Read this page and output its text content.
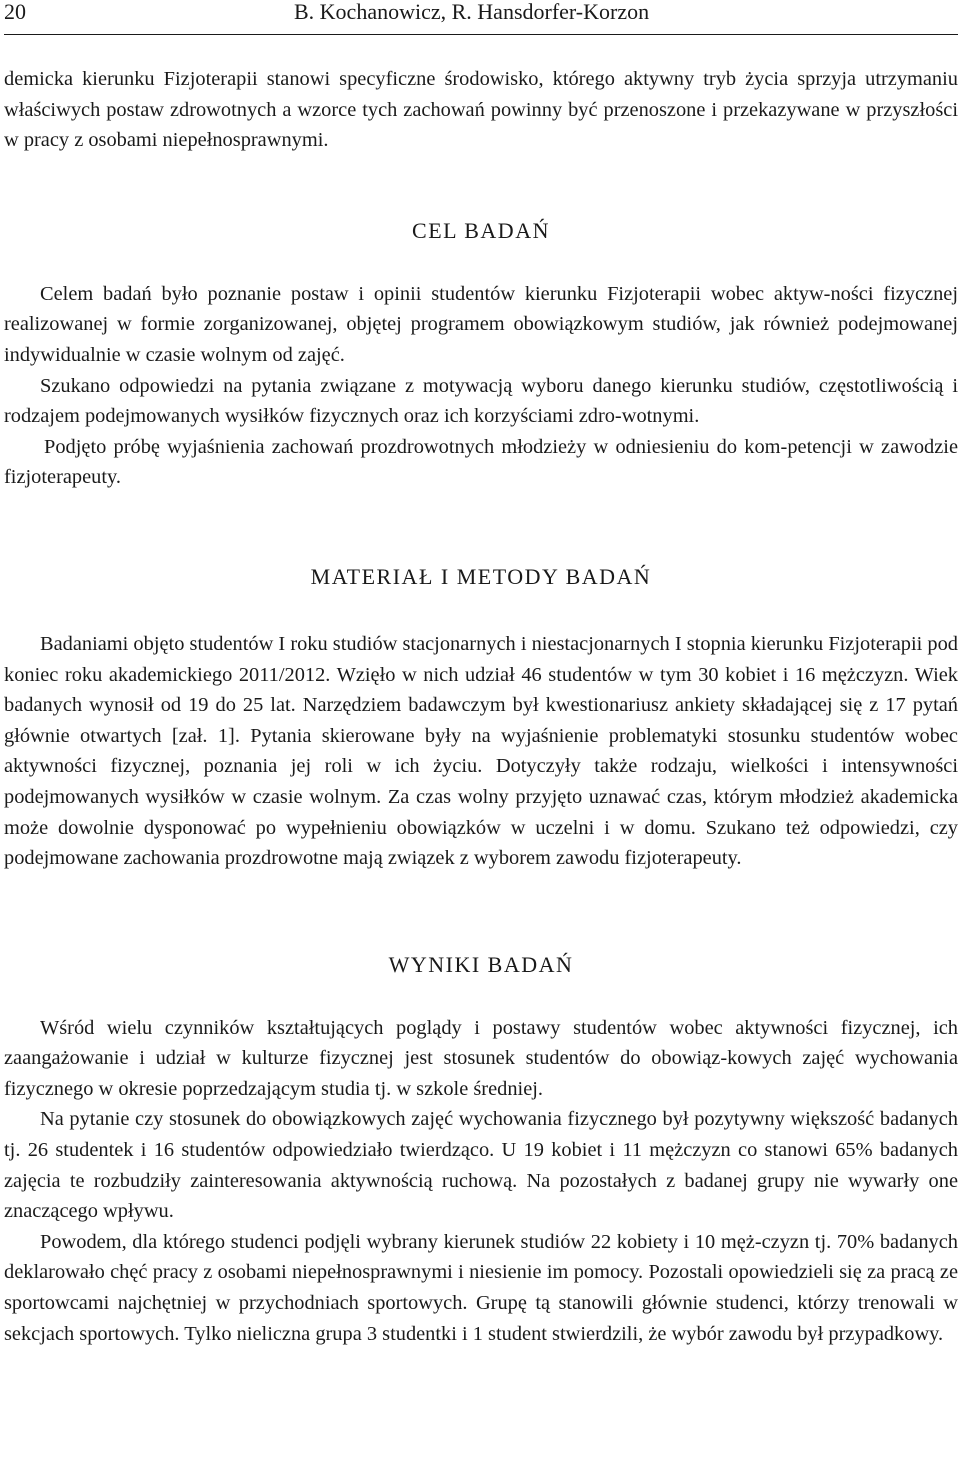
20	B. Kochanowicz, R. Hansdorfer-Korzon

demicka kierunku Fizjoterapii stanowi specyficzne środowisko, którego aktywny tryb życia sprzyja utrzymaniu właściwych postaw zdrowotnych a wzorce tych zachowań powinny być przenoszone i przekazywane w przyszłości w pracy z osobami niepełnosprawnymi.

CEL BADAŃ

Celem badań było poznanie postaw i opinii studentów kierunku Fizjoterapii wobec aktyw-ności fizycznej realizowanej w formie zorganizowanej, objętej programem obowiązkowym studiów, jak również podejmowanej indywidualnie w czasie wolnym od zajęć.

Szukano odpowiedzi na pytania związane z motywacją wyboru danego kierunku studiów, częstotliwością i rodzajem podejmowanych wysiłków fizycznych oraz ich korzyściami zdro-wotnymi.

Podjęto próbę wyjaśnienia zachowań prozdrowotnych młodzieży w odniesieniu do kom-petencji w zawodzie fizjoterapeuty.

MATERIAŁ I METODY BADAŃ

Badaniami objęto studentów I roku studiów stacjonarnych i niestacjonarnych I stopnia kierunku Fizjoterapii pod koniec roku akademickiego 2011/2012. Wzięło w nich udział 46 studentów w tym 30 kobiet i 16 mężczyzn. Wiek badanych wynosił od 19 do 25 lat. Narzędziem badawczym był kwestionariusz ankiety składającej się z 17 pytań głównie otwartych [zał. 1]. Pytania skierowane były na wyjaśnienie problematyki stosunku studentów wobec aktywności fizycznej, poznania jej roli w ich życiu. Dotyczyły także rodzaju, wielkości i intensywności podejmowanych wysiłków w czasie wolnym. Za czas wolny przyjęto uznawać czas, którym młodzież akademicka może dowolnie dysponować po wypełnieniu obowiązków w uczelni i w domu. Szukano też odpowiedzi, czy podejmowane zachowania prozdrowotne mają związek z wyborem zawodu fizjoterapeuty.

WYNIKI BADAŃ

Wśród wielu czynników kształtujących poglądy i postawy studentów wobec aktywności fizycznej, ich zaangażowanie i udział w kulturze fizycznej jest stosunek studentów do obowiąz-kowych zajęć wychowania fizycznego w okresie poprzedzającym studia tj. w szkole średniej.

Na pytanie czy stosunek do obowiązkowych zajęć wychowania fizycznego był pozytywny większość badanych tj. 26 studentek i 16 studentów odpowiedziało twierdząco. U 19 kobiet i 11 mężczyzn co stanowi 65% badanych zajęcia te rozbudziły zainteresowania aktywnością ruchową. Na pozostałych z badanej grupy nie wywarły one znaczącego wpływu.

Powodem, dla którego studenci podjęli wybrany kierunek studiów 22 kobiety i 10 męż-czyzn tj. 70% badanych deklarowało chęć pracy z osobami niepełnosprawnymi i niesienie im pomocy. Pozostali opowiedzieli się za pracą ze sportowcami najchętniej w przychodniach sportowych. Grupę tą stanowili głównie studenci, którzy trenowali w sekcjach sportowych. Tylko nieliczna grupa 3 studentki i 1 student stwierdzili, że wybór zawodu był przypadkowy.
